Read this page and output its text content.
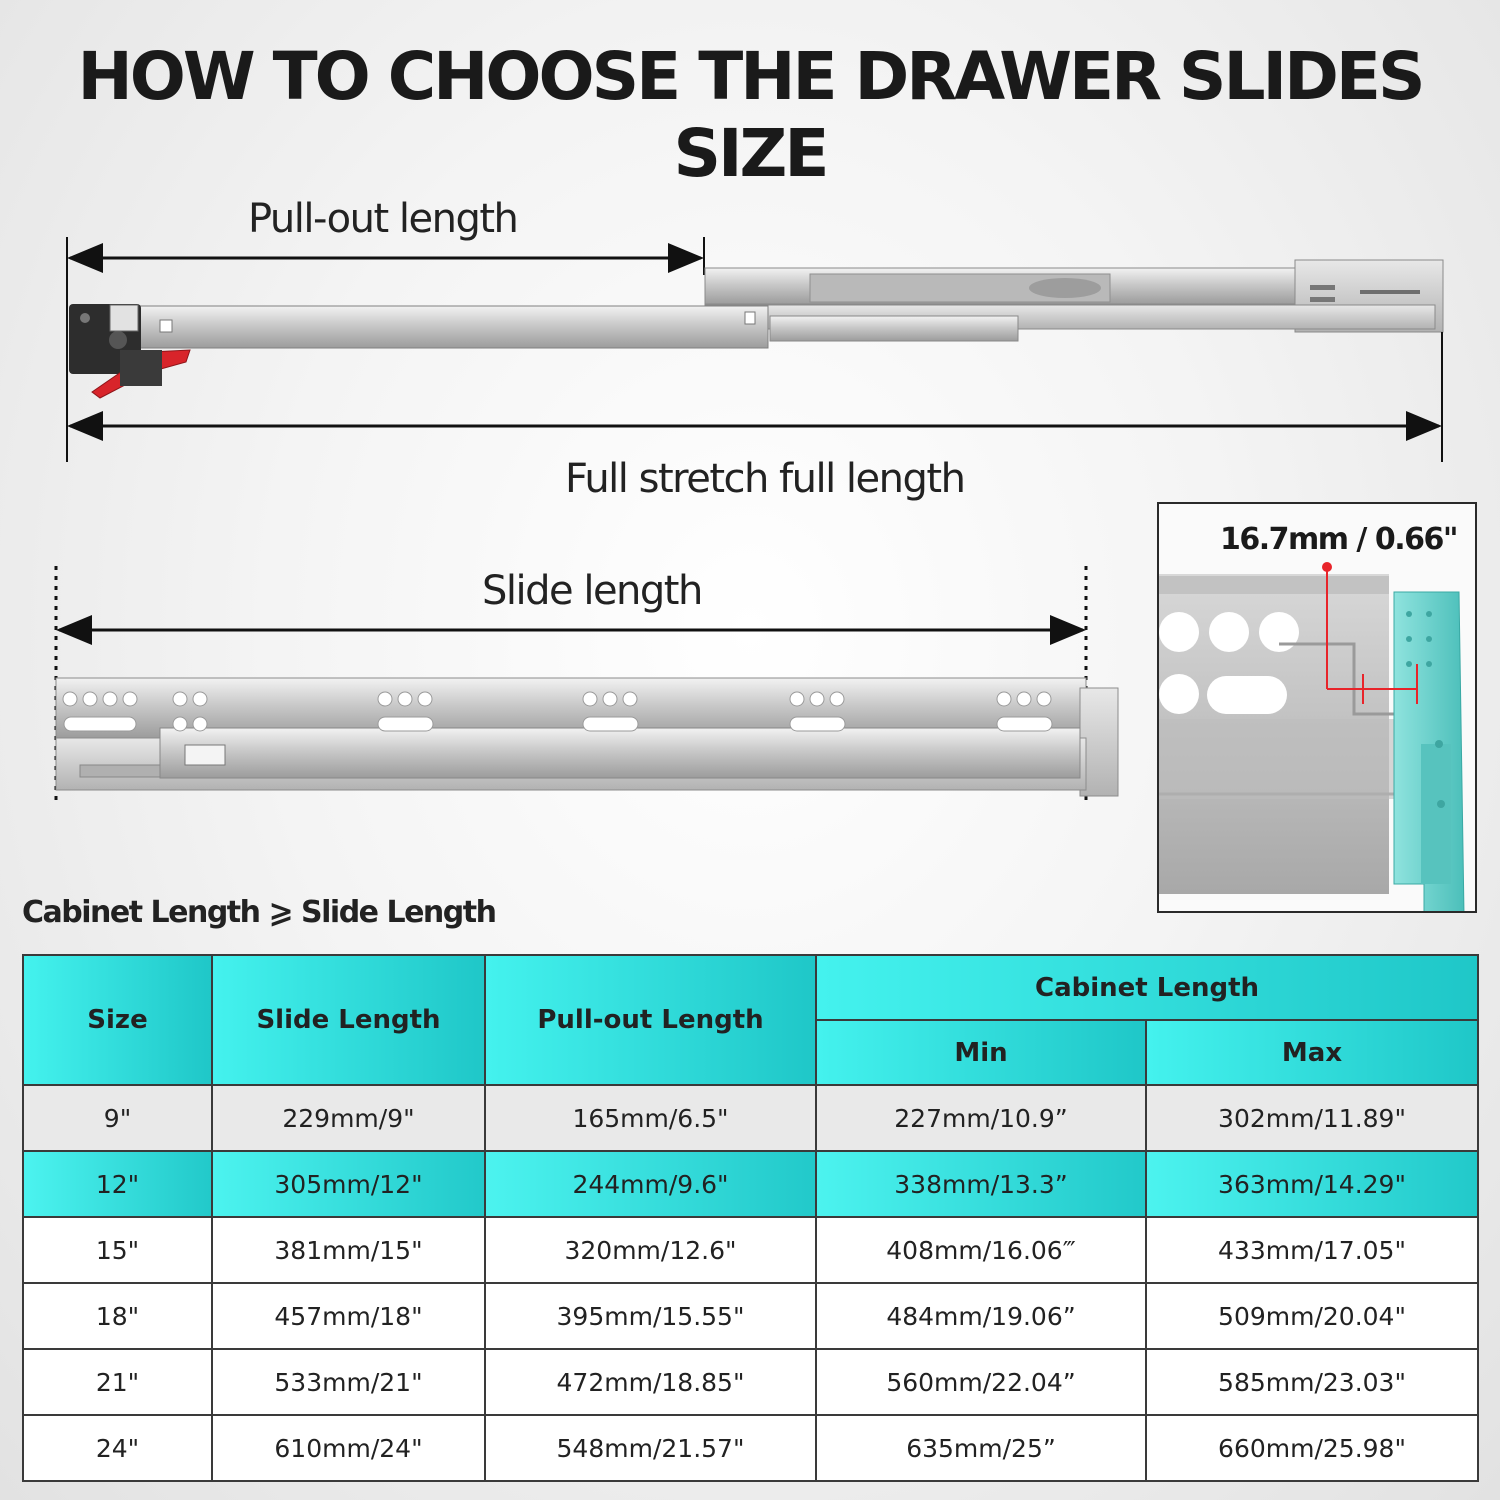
HOW TO CHOOSE THE DRAWER SLIDES SIZE
Pull-out length
Full stretch full length
Slide length
16.7mm / 0.66"
Cabinet Length ⩾ Slide Length
Size	Slide Length	Pull-out Length	Cabinet Length	
			Min	Max
9"	229mm/9"	165mm/6.5"	227mm/10.9”	302mm/11.89"
12"	305mm/12"	244mm/9.6"	338mm/13.3”	363mm/14.29"
15"	381mm/15"	320mm/12.6"	408mm/16.06‴	433mm/17.05"
18"	457mm/18"	395mm/15.55"	484mm/19.06”	509mm/20.04"
21"	533mm/21"	472mm/18.85"	560mm/22.04”	585mm/23.03"
24"	610mm/24"	548mm/21.57"	635mm/25”	660mm/25.98"
